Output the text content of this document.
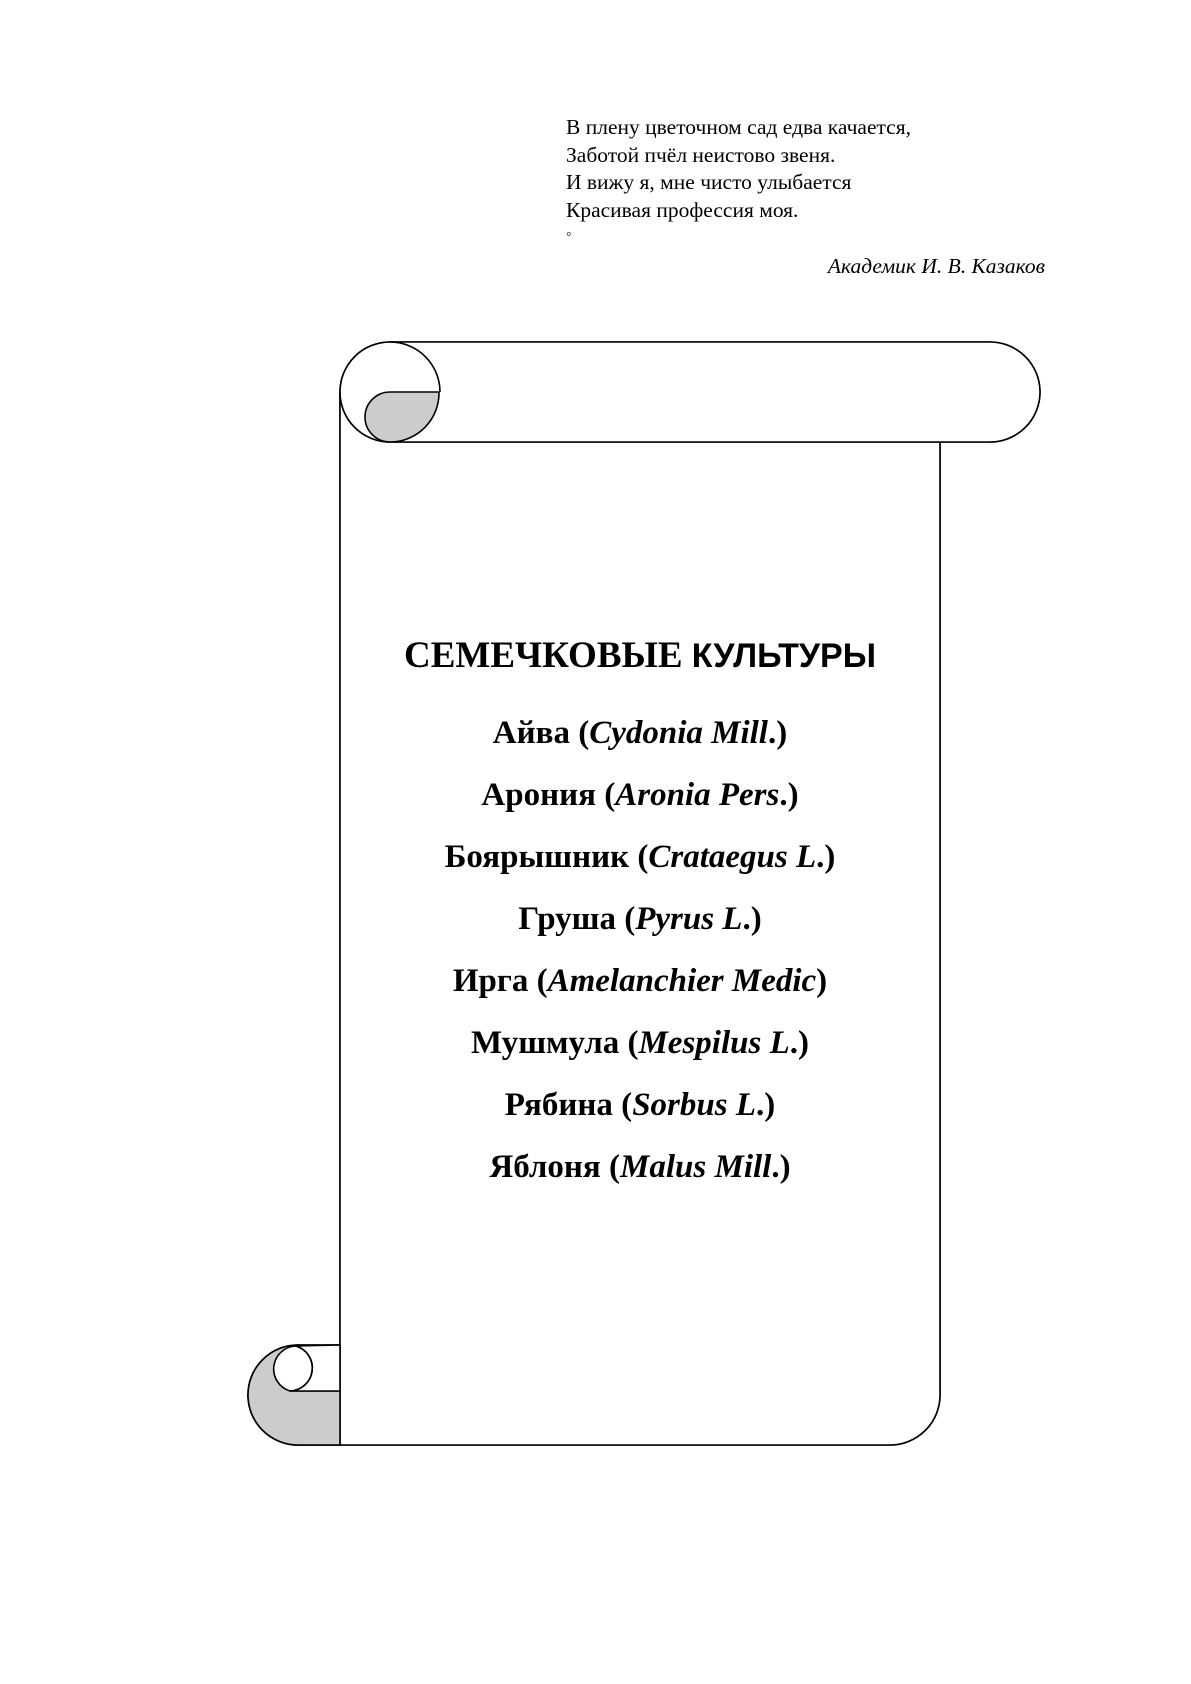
В плену цветочном сад едва качается,
Заботой пчёл неистово звеня.
И вижу я, мне чисто улыбается
Красивая профессия моя.
◦
Академик И. В. Казаков
СЕМЕЧКОВЫЕ КУЛЬТУРЫ
Айва (Cydonia Mill.)
Арония (Aronia Pers.)
Боярышник (Crataegus L.)
Груша (Pyrus L.)
Ирга (Amelanchier Medic)
Мушмула (Mespilus L.)
Рябина (Sorbus L.)
Яблоня (Malus Mill.)
